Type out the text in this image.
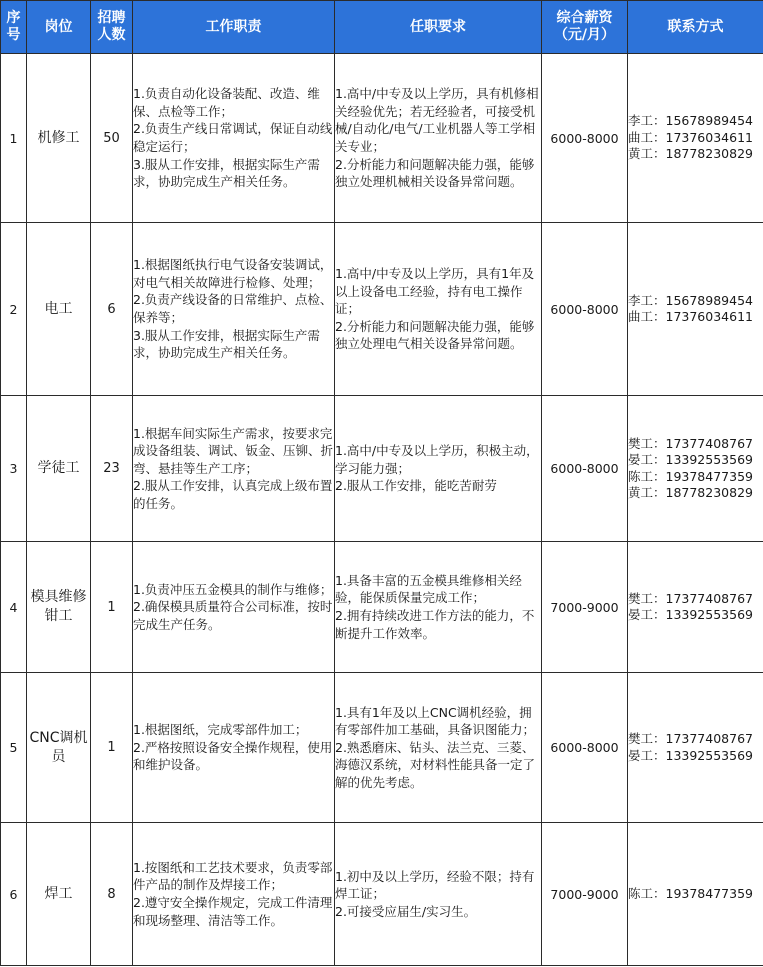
序号	岗位	招聘人数	工作职责	任职要求	综合薪资（元/月）	联系方式
1	机修工	50	1.负责自动化设备装配、改造、维保、点检等工作；
2.负责生产线日常调试，保证自动线稳定运行；
3.服从工作安排，根据实际生产需求，协助完成生产相关任务。	1.高中/中专及以上学历，具有机修相关经验优先；若无经验者，可接受机械/自动化/电气/工业机器人等工学相关专业；
2.分析能力和问题解决能力强，能够独立处理机械相关设备异常问题。	6000-8000	李工：15678989454
曲工：17376034611
黄工：18778230829

2	电工	6	1.根据图纸执行电气设备安装调试，对电气相关故障进行检修、处理；
2.负责产线设备的日常维护、点检、保养等；
3.服从工作安排，根据实际生产需求，协助完成生产相关任务。	1.高中/中专及以上学历，具有1年及以上设备电工经验，持有电工操作证；
2.分析能力和问题解决能力强，能够独立处理电气相关设备异常问题。	6000-8000	李工：15678989454
曲工：17376034611

3	学徒工	23	1.根据车间实际生产需求，按要求完成设备组装、调试、钣金、压铆、折弯、悬挂等生产工序；
2.服从工作安排，认真完成上级布置的任务。	1.高中/中专及以上学历，积极主动，学习能力强；
2.服从工作安排，能吃苦耐劳	6000-8000	樊工：17377408767
晏工：13392553569
陈工：19378477359
黄工：18778230829

4	模具维修钳工	1	1.负责冲压五金模具的制作与维修；
2.确保模具质量符合公司标准，按时完成生产任务。	1.具备丰富的五金模具维修相关经验，能保质保量完成工作；
2.拥有持续改进工作方法的能力，不断提升工作效率。	7000-9000	樊工：17377408767
晏工：13392553569

5	CNC调机员	1	1.根据图纸，完成零部件加工；
2.严格按照设备安全操作规程，使用和维护设备。	1.具有1年及以上CNC调机经验，拥有零部件加工基础，具备识图能力；
2.熟悉磨床、钻头、法兰克、三菱、海德汉系统，对材料性能具备一定了解的优先考虑。	6000-8000	樊工：17377408767
晏工：13392553569

6	焊工	8	1.按图纸和工艺技术要求，负责零部件产品的制作及焊接工作；
2.遵守安全操作规定，完成工件清理和现场整理、清洁等工作。	1.初中及以上学历，经验不限；持有焊工证；
2.可接受应届生/实习生。	7000-9000	陈工：19378477359
